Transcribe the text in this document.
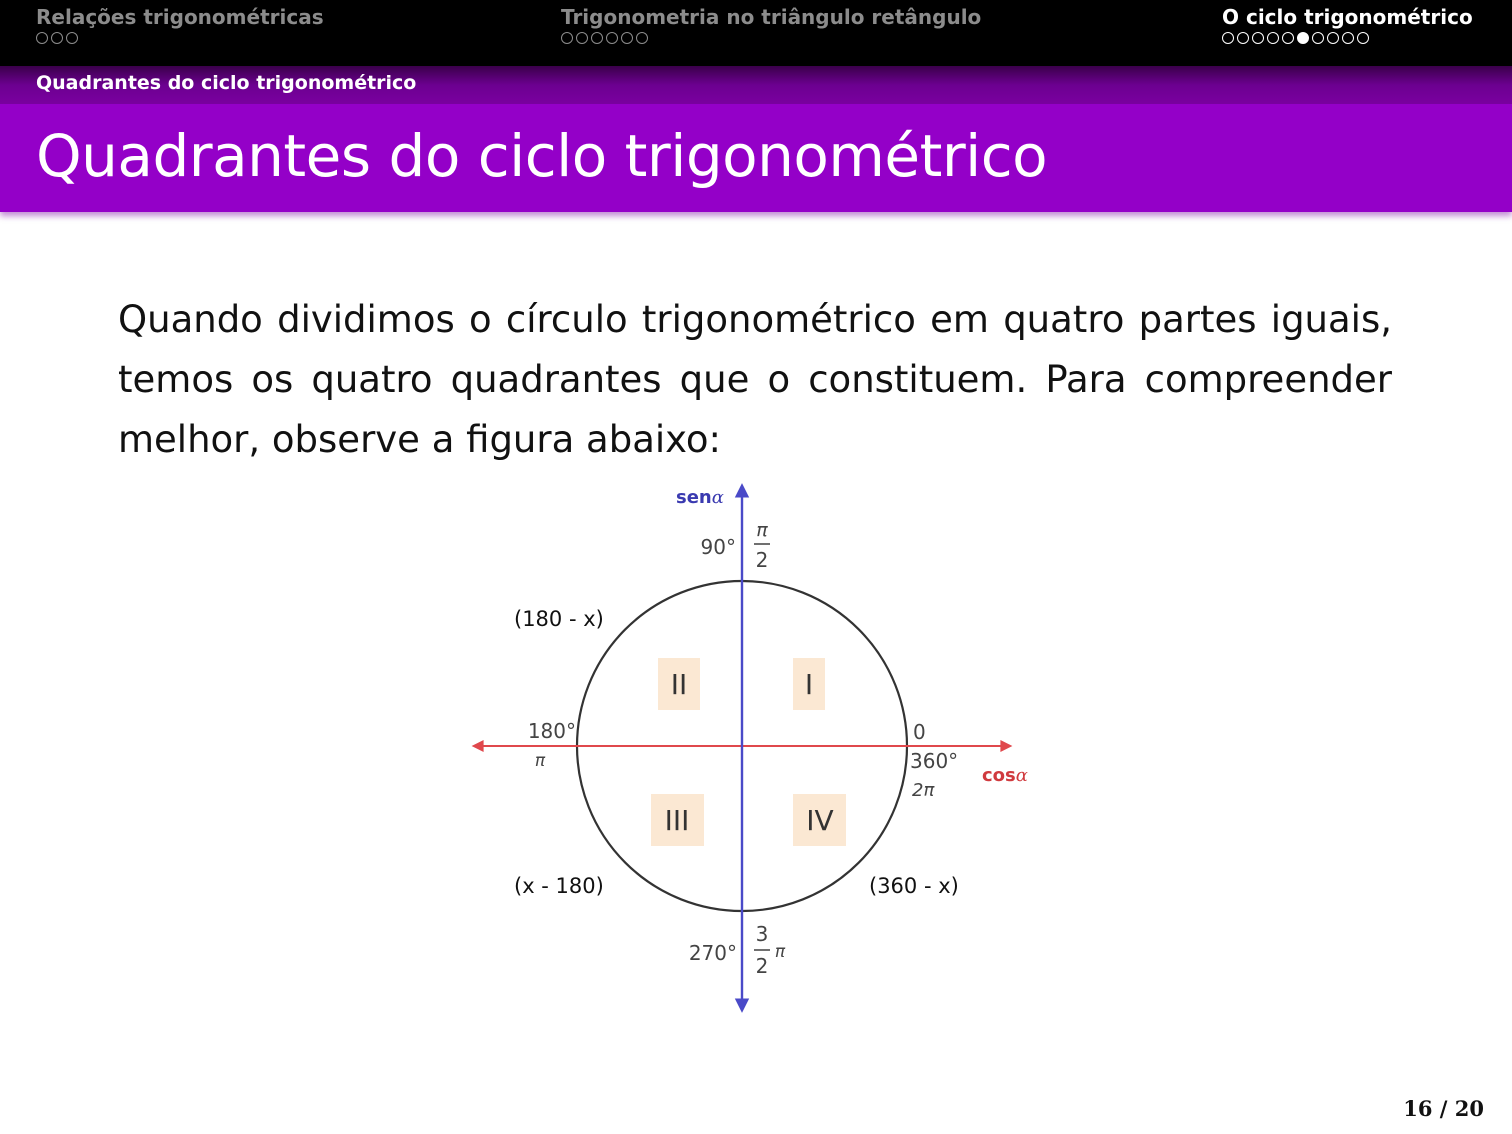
Relações trigonométricas	Trigonometria no triângulo retângulo	O ciclo trigonométrico
Quadrantes do ciclo trigonométrico
Quadrantes do ciclo trigonométrico

Quando dividimos o círculo trigonométrico em quatro partes iguais, temos os quatro quadrantes que o constituem. Para compreender melhor, observe a figura abaixo:

senα
cosα
90°
π
2
270°
3
2
π
180°
π
0
360°
2π
II	I
III	IV
(180 - x)
(x - 180)	(360 - x)
16 / 20
